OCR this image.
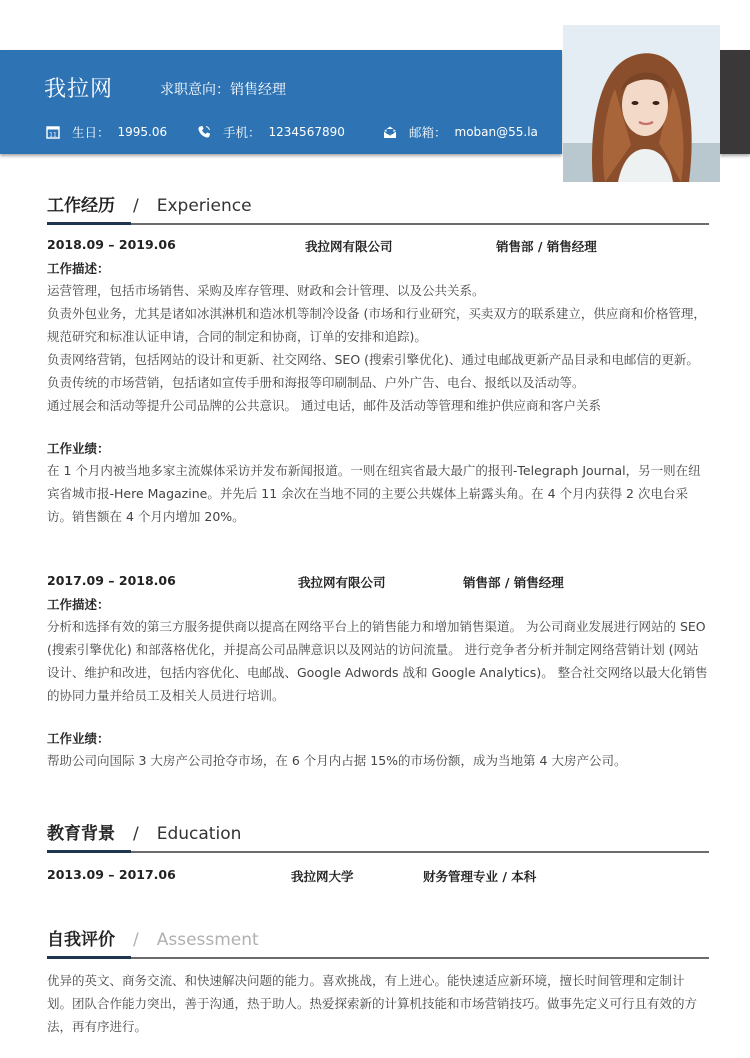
我拉网	求职意向：销售经理
11 生日： 1995.06	手机： 1234567890	邮箱： moban@55.la
工作经历 / Experience
2018.09 – 2019.06	我拉网有限公司	销售部 / 销售经理
工作描述：
运营管理，包括市场销售、采购及库存管理、财政和会计管理、以及公共关系。
负责外包业务，尤其是诸如冰淇淋机和造冰机等制冷设备 (市场和行业研究，买卖双方的联系建立，供应商和价格管理，规范研究和标准认证申请，合同的制定和协商，订单的安排和追踪)。
负责网络营销，包括网站的设计和更新、社交网络、SEO (搜索引擎优化)、通过电邮战更新产品目录和电邮信的更新。负责传统的市场营销，包括诸如宣传手册和海报等印刷制品、户外广告、电台、报纸以及活动等。
通过展会和活动等提升公司品牌的公共意识。 通过电话，邮件及活动等管理和维护供应商和客户关系
工作业绩：
在 1 个月内被当地多家主流媒体采访并发布新闻报道。一则在纽宾省最大最广的报刊-Telegraph Journal，另一则在纽宾省城市报-Here Magazine。并先后 11 余次在当地不同的主要公共媒体上崭露头角。在 4 个月内获得 2 次电台采访。销售额在 4 个月内增加 20%。
2017.09 – 2018.06	我拉网有限公司	销售部 / 销售经理
工作描述：
分析和选择有效的第三方服务提供商以提高在网络平台上的销售能力和增加销售渠道。 为公司商业发展进行网站的 SEO (搜索引擎优化) 和部落格优化，并提高公司品牌意识以及网站的访问流量。 进行竞争者分析并制定网络营销计划 (网站设计、维护和改进，包括内容优化、电邮战、Google Adwords 战和 Google Analytics)。 整合社交网络以最大化销售的协同力量并给员工及相关人员进行培训。
工作业绩：
帮助公司向国际 3 大房产公司抢夺市场，在 6 个月内占据 15%的市场份额，成为当地第 4 大房产公司。
教育背景 / Education
2013.09 – 2017.06	我拉网大学	财务管理专业 / 本科
自我评价 / Assessment
优异的英文、商务交流、和快速解决问题的能力。喜欢挑战，有上进心。能快速适应新环境，擅长时间管理和定制计划。团队合作能力突出，善于沟通，热于助人。热爱探索新的计算机技能和市场营销技巧。做事先定义可行且有效的方法，再有序进行。
